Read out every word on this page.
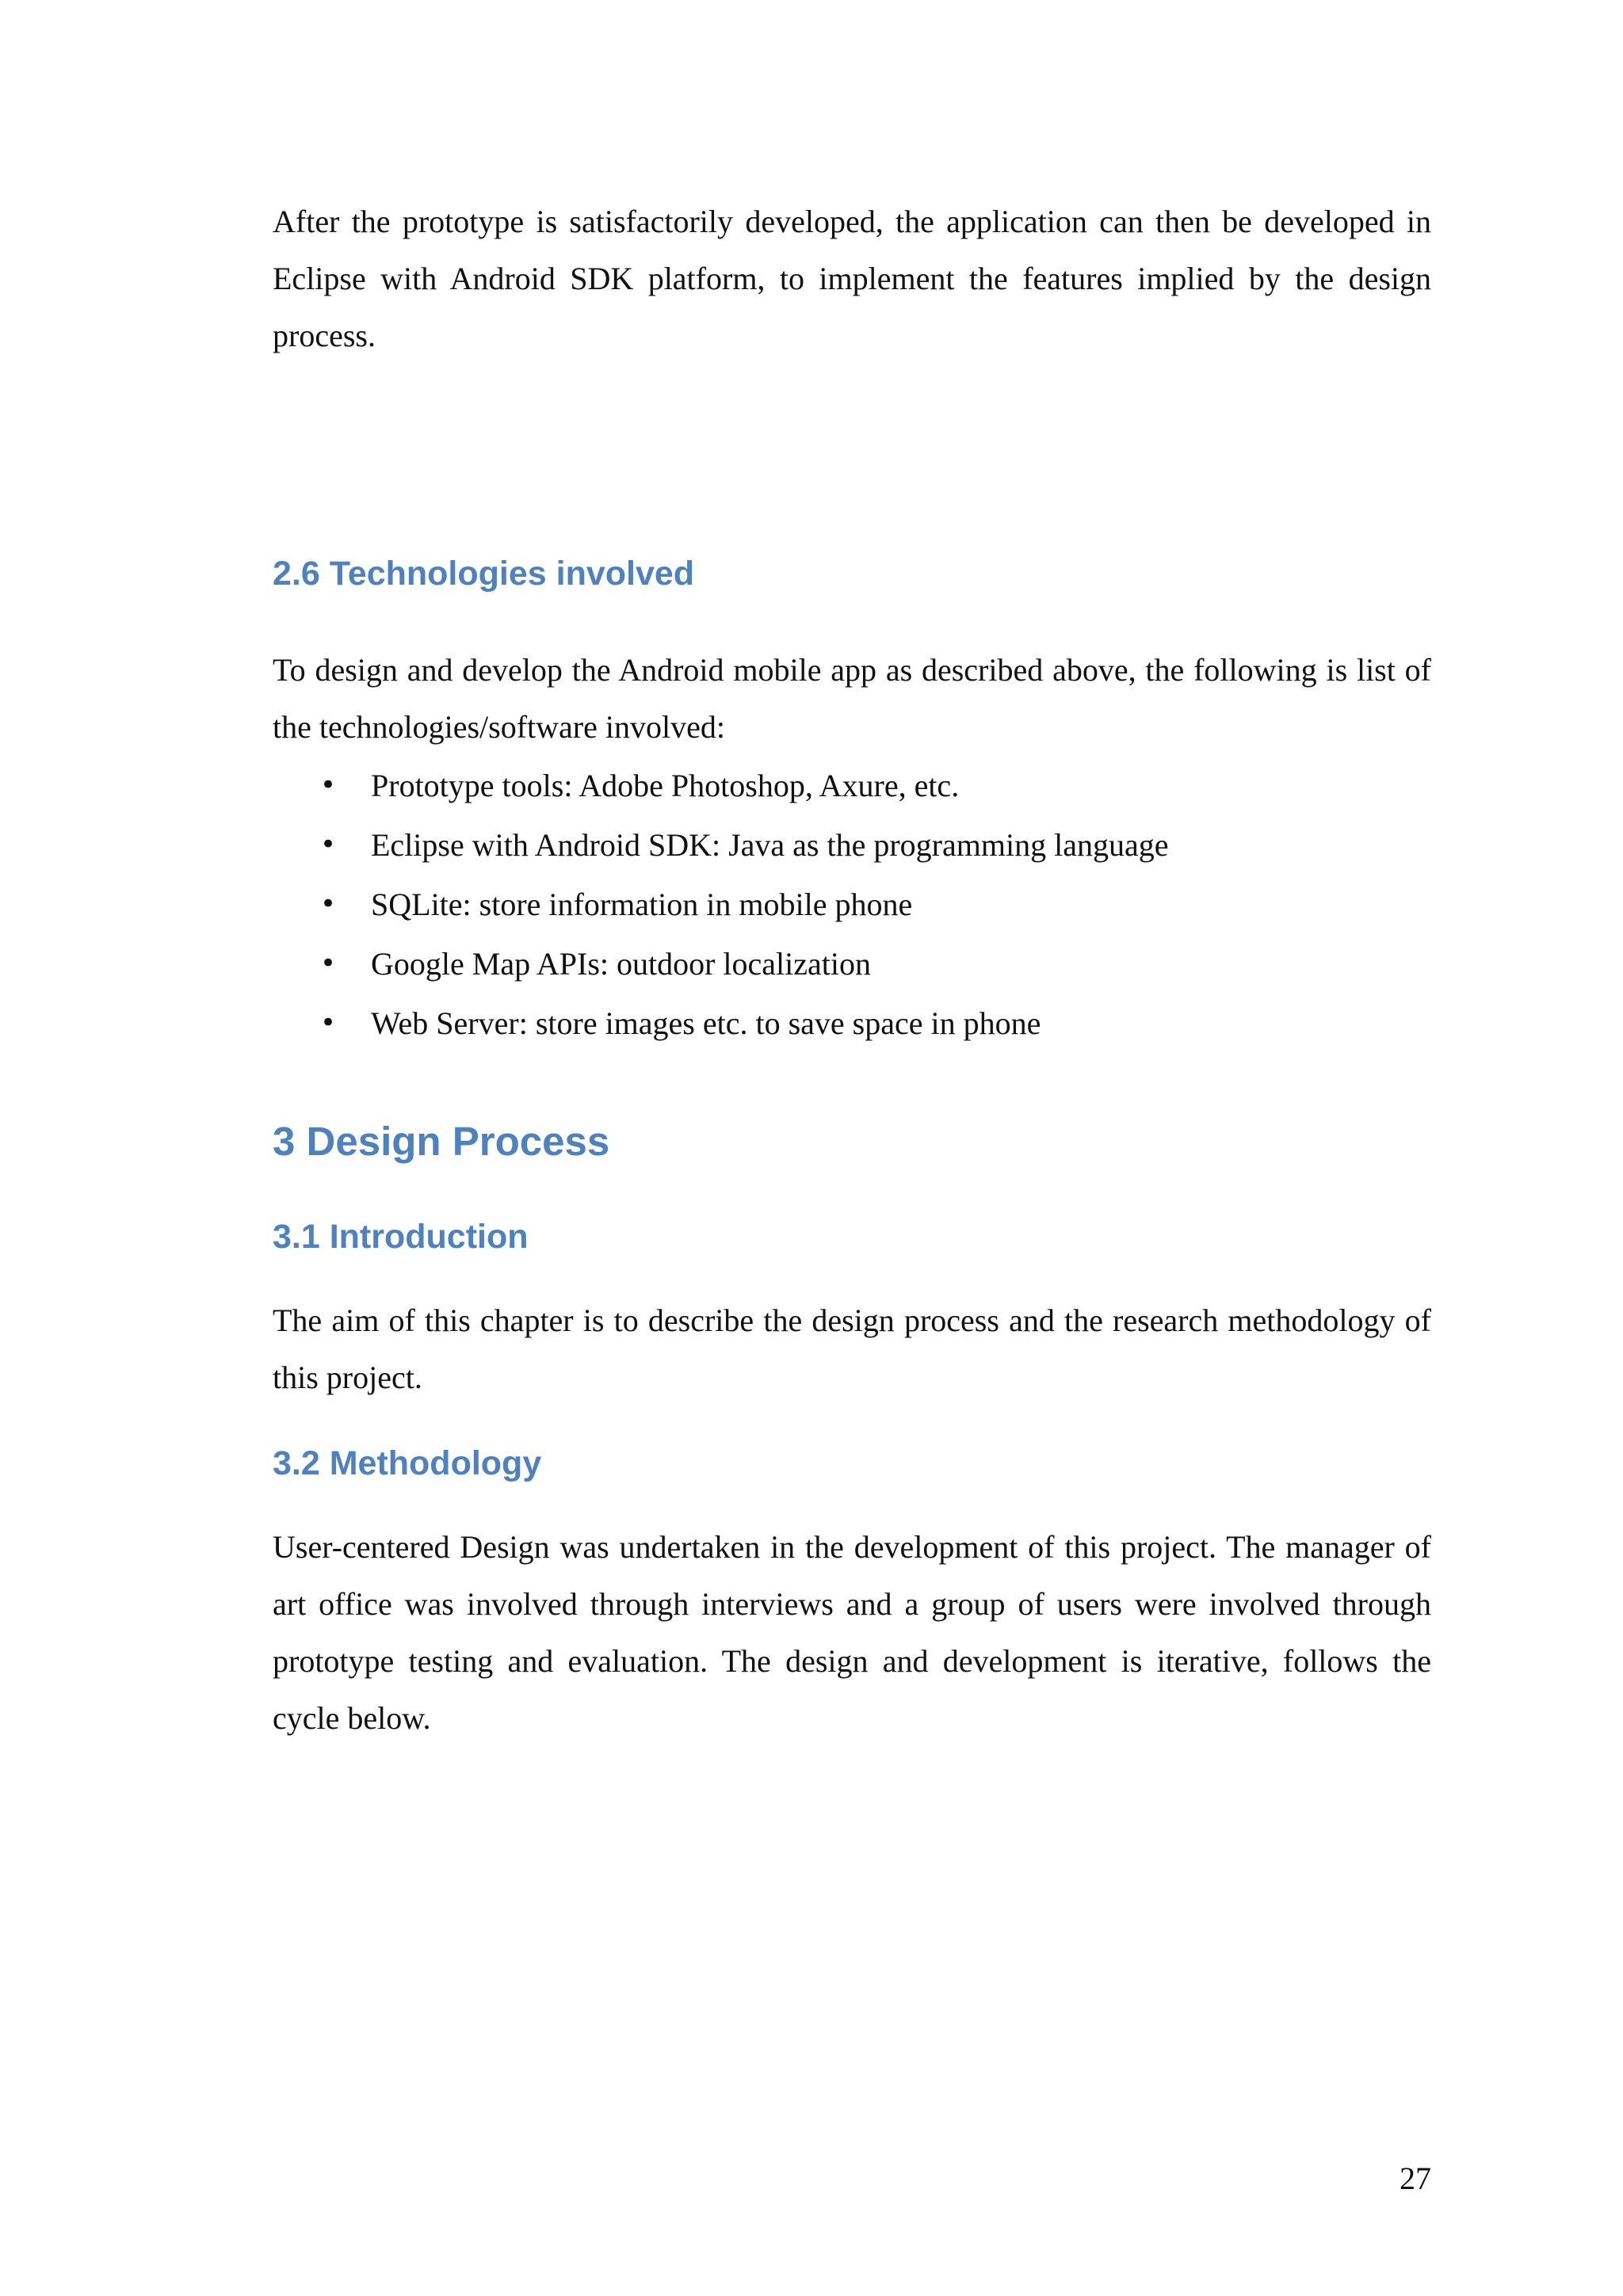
After the prototype is satisfactorily developed, the application can then be developed in Eclipse with Android SDK platform, to implement the features implied by the design process.

2.6 Technologies involved

To design and develop the Android mobile app as described above, the following is list of the technologies/software involved:

• Prototype tools: Adobe Photoshop, Axure, etc.
• Eclipse with Android SDK: Java as the programming language
• SQLite: store information in mobile phone
• Google Map APIs: outdoor localization
• Web Server: store images etc. to save space in phone
3 Design Process
3.1 Introduction

The aim of this chapter is to describe the design process and the research methodology of this project.

3.2 Methodology

User-centered Design was undertaken in the development of this project. The manager of art office was involved through interviews and a group of users were involved through prototype testing and evaluation. The design and development is iterative, follows the cycle below.

27
